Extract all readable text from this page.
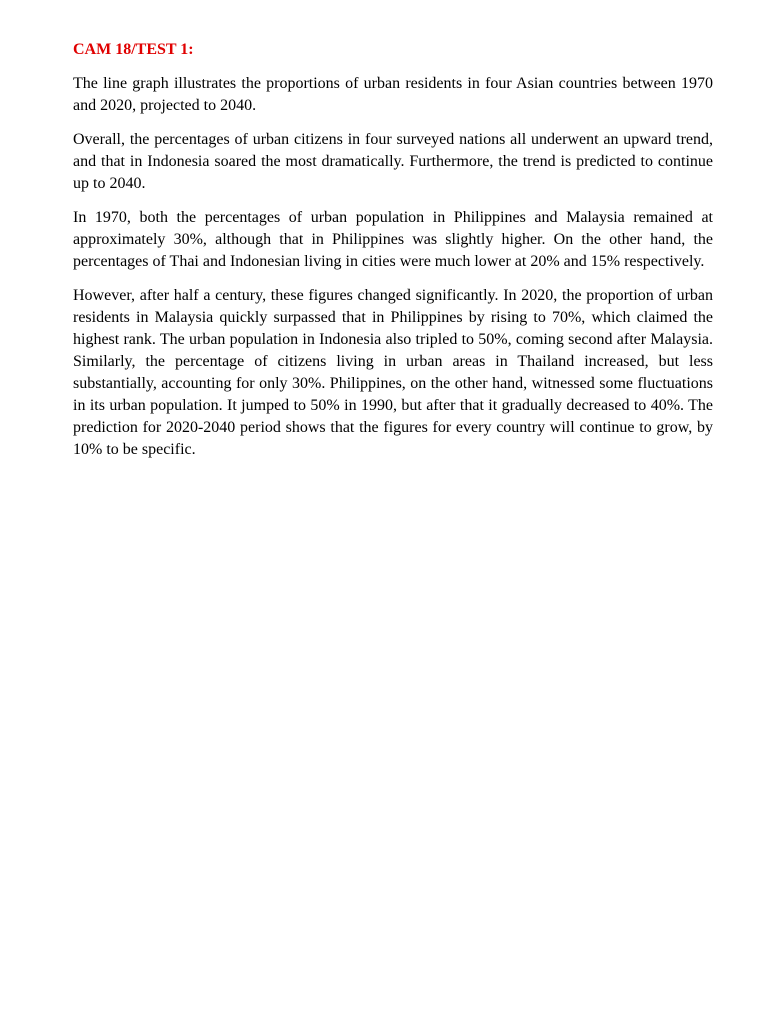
CAM 18/TEST 1:

The line graph illustrates the proportions of urban residents in four Asian countries between 1970 and 2020, projected to 2040.

Overall, the percentages of urban citizens in four surveyed nations all underwent an upward trend, and that in Indonesia soared the most dramatically. Furthermore, the trend is predicted to continue up to 2040.

In 1970, both the percentages of urban population in Philippines and Malaysia remained at approximately 30%, although that in Philippines was slightly higher. On the other hand, the percentages of Thai and Indonesian living in cities were much lower at 20% and 15% respectively.

However, after half a century, these figures changed significantly. In 2020, the proportion of urban residents in Malaysia quickly surpassed that in Philippines by rising to 70%, which claimed the highest rank. The urban population in Indonesia also tripled to 50%, coming second after Malaysia. Similarly, the percentage of citizens living in urban areas in Thailand increased, but less substantially, accounting for only 30%. Philippines, on the other hand, witnessed some fluctuations in its urban population. It jumped to 50% in 1990, but after that it gradually decreased to 40%. The prediction for 2020-2040 period shows that the figures for every country will continue to grow, by 10% to be specific.
